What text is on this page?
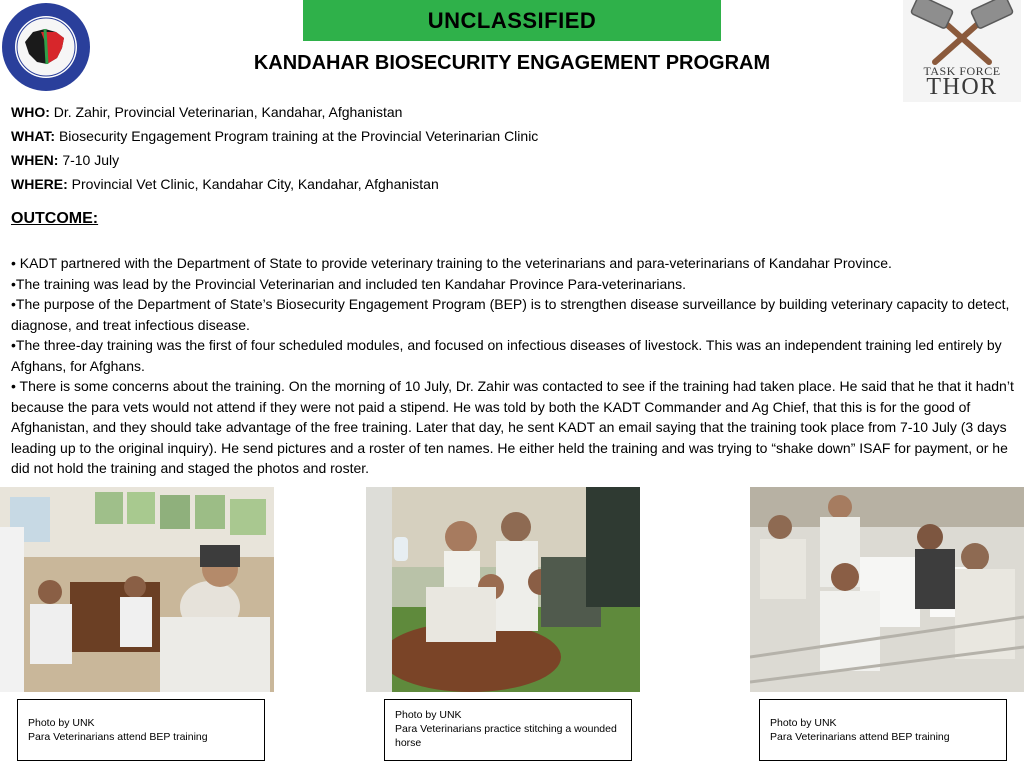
UNCLASSIFIED
KANDAHAR BIOSECURITY ENGAGEMENT PROGRAM	TASK FORCE
THOR
WHO: Dr. Zahir, Provincial Veterinarian, Kandahar, Afghanistan
WHAT: Biosecurity Engagement Program training at the Provincial Veterinarian Clinic
WHEN: 7-10 July
WHERE: Provincial Vet Clinic, Kandahar City, Kandahar, Afghanistan
OUTCOME:

• KADT partnered with the Department of State to provide veterinary training to the veterinarians and para-veterinarians of Kandahar Province.

•The training was lead by the Provincial Veterinarian and included ten Kandahar Province Para-veterinarians.

•The purpose of the Department of State’s Biosecurity Engagement Program (BEP) is to strengthen disease surveillance by building veterinary capacity to detect, diagnose, and treat infectious disease.

•The three-day training was the first of four scheduled modules, and focused on infectious diseases of livestock. This was an independent training led entirely by Afghans, for Afghans.

• There is some concerns about the training. On the morning of 10 July, Dr. Zahir was contacted to see if the training had taken place. He said that he that it hadn’t because the para vets would not attend if they were not paid a stipend. He was told by both the KADT Commander and Ag Chief, that this is for the good of Afghanistan, and they should take advantage of the free training. Later that day, he sent KADT an email saying that the training took place from 7-10 July (3 days leading up to the original inquiry). He send pictures and a roster of ten names. He either held the training and was trying to “shake down” ISAF for payment, or he did not hold the training and staged the photos and roster.

Photo by UNK
Para Veterinarians attend BEP training
Photo by UNK
Para Veterinarians practice stitching a wounded horse
Photo by UNK
Para Veterinarians attend BEP training
